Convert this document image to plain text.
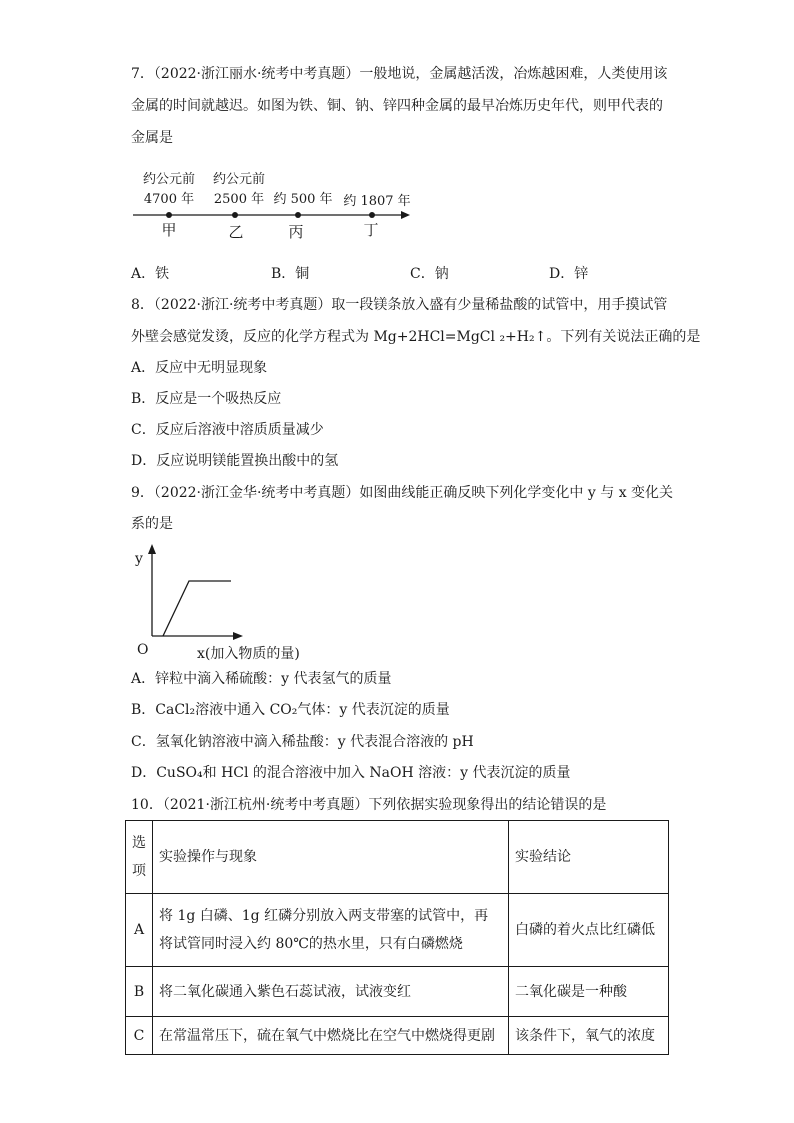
7．（2022·浙江丽水·统考中考真题）一般地说，金属越活泼，冶炼越困难，人类使用该
金属的时间就越迟。如图为铁、铜、钠、锌四种金属的最早冶炼历史年代，则甲代表的
金属是
约公元前
4700 年
甲
约公元前
2500 年
乙
约 500 年
丙
约 1807 年
丁
A．铁	B．铜	C．钠	D．锌
8．（2022·浙江·统考中考真题）取一段镁条放入盛有少量稀盐酸的试管中，用手摸试管
外壁会感觉发烫，反应的化学方程式为 Mg+2HCl=MgCl ₂+H₂↑。下列有关说法正确的是
A．反应中无明显现象
B．反应是一个吸热反应
C．反应后溶液中溶质质量减少
D．反应说明镁能置换出酸中的氢
9．（2022·浙江金华·统考中考真题）如图曲线能正确反映下列化学变化中 y 与 x 变化关
系的是
y
O	x(加入物质的量)
A．锌粒中滴入稀硫酸：y 代表氢气的质量
B．CaCl₂溶液中通入 CO₂气体：y 代表沉淀的质量
C．氢氧化钠溶液中滴入稀盐酸：y 代表混合溶液的 pH
D．CuSO₄和 HCl 的混合溶液中加入 NaOH 溶液：y 代表沉淀的质量
10．（2021·浙江杭州·统考中考真题）下列依据实验现象得出的结论错误的是
选项	实验操作与现象	实验结论
A	将 1g 白磷、1g 红磷分别放入两支带塞的试管中，再将试管同时浸入约 80℃的热水里，只有白磷燃烧	白磷的着火点比红磷低
B	将二氧化碳通入紫色石蕊试液，试液变红	二氧化碳是一种酸
C	在常温常压下，硫在氧气中燃烧比在空气中燃烧得更剧	该条件下，氧气的浓度
